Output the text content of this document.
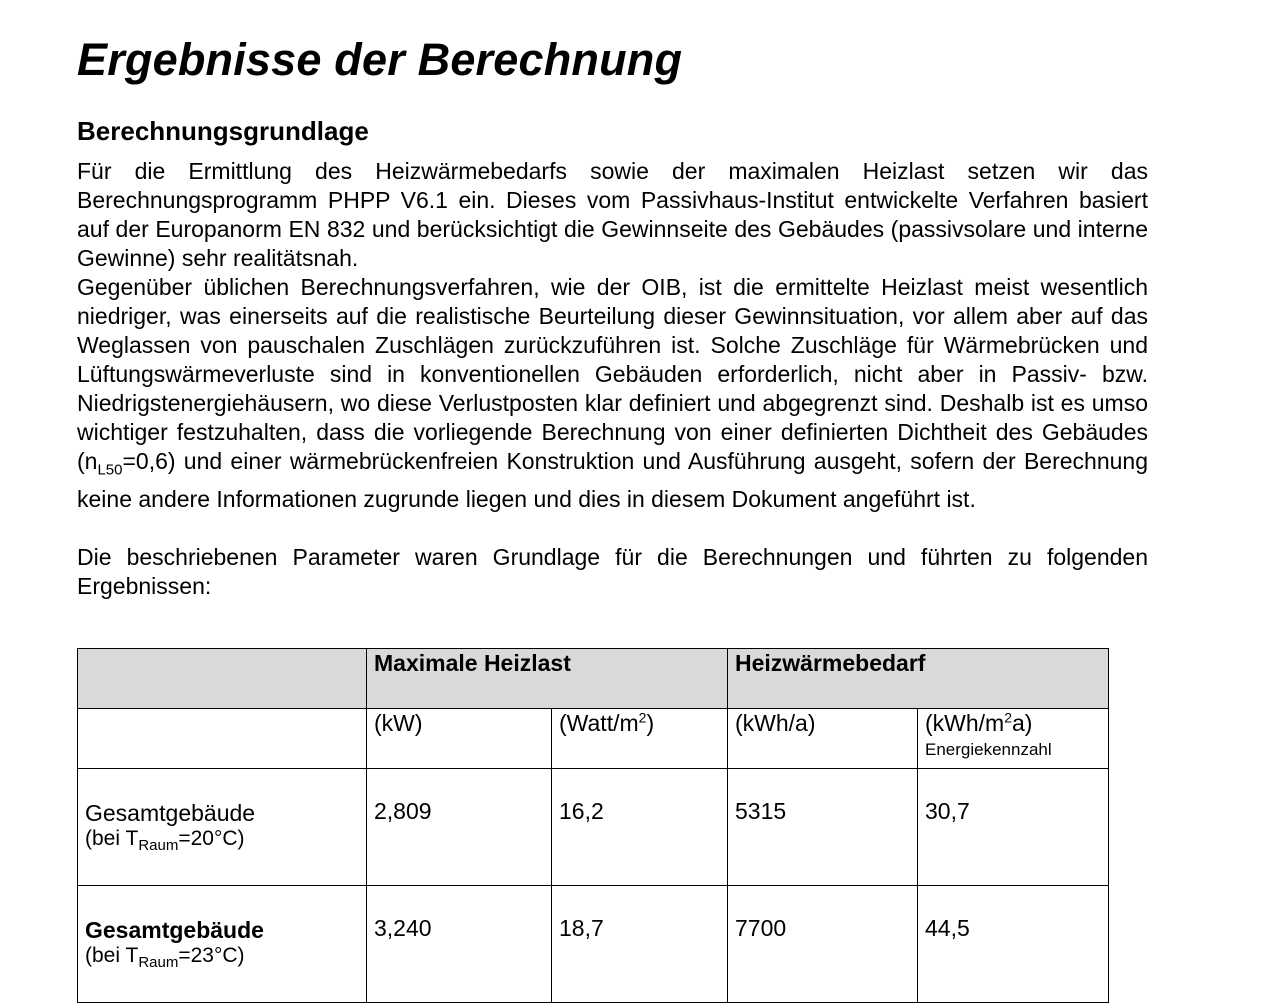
Ergebnisse der Berechnung
Berechnungsgrundlage

Für die Ermittlung des Heizwärmebedarfs sowie der maximalen Heizlast setzen wir das Berechnungsprogramm PHPP V6.1 ein. Dieses vom Passivhaus-Institut entwickelte Verfahren basiert auf der Europanorm EN 832 und berücksichtigt die Gewinnseite des Gebäudes (passivsolare und interne Gewinne) sehr realitätsnah.

Gegenüber üblichen Berechnungsverfahren, wie der OIB, ist die ermittelte Heizlast meist wesentlich niedriger, was einerseits auf die realistische Beurteilung dieser Gewinnsituation, vor allem aber auf das Weglassen von pauschalen Zuschlägen zurückzuführen ist. Solche Zuschläge für Wärmebrücken und Lüftungswärmeverluste sind in konventionellen Gebäuden erforderlich, nicht aber in Passiv- bzw. Niedrigstenergiehäusern, wo diese Verlustposten klar definiert und abgegrenzt sind. Deshalb ist es umso wichtiger festzuhalten, dass die vorliegende Berechnung von einer definierten Dichtheit des Gebäudes $(n_{L50}=0,6)$ und einer wärmebrückenfreien Konstruktion und Ausführung ausgeht, sofern der Berechnung keine andere Informationen zugrunde liegen und dies in diesem Dokument angeführt ist.

Die beschriebenen Parameter waren Grundlage für die Berechnungen und führten zu folgenden Ergebnissen:

	Maximale Heizlast		Heizwärmebedarf	
	(kW)	$(Watt/m^2)$	(kWh/a)	$(kWh/m^2a)$
Energiekennzahl

Gesamtgebäude
(bei $T_{Raum}=20^\circ C$)	2,809	16,2	5315	30,7

Gesamtgebäude
(bei $T_{Raum}=23^\circ C$)	3,240	18,7	7700	44,5
